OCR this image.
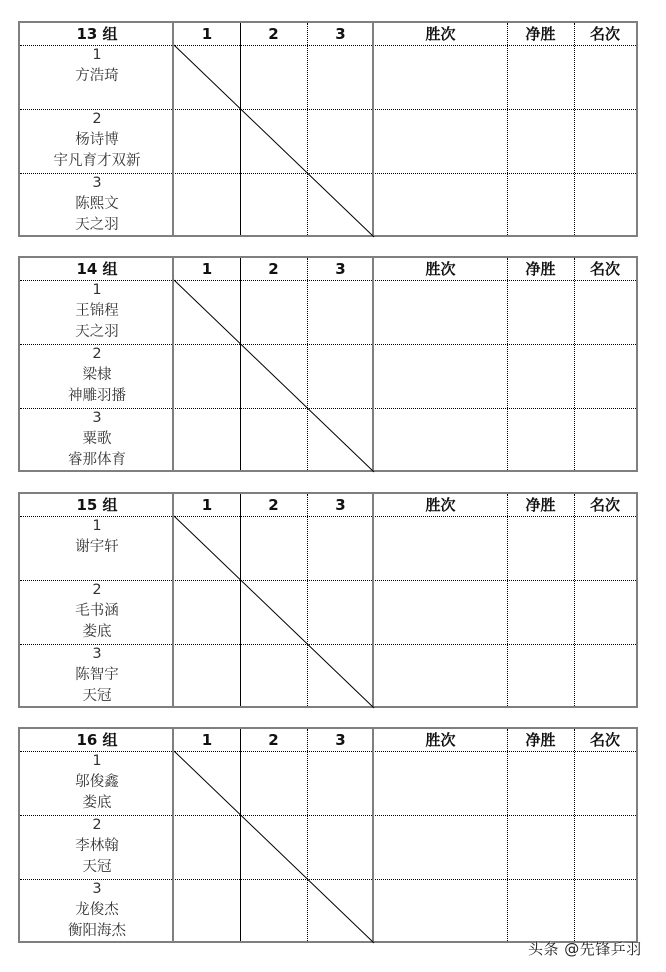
13 组	1	2	3	胜次	净胜	名次
1
方浩琦
2
杨诗博
宇凡育才双新
3
陈熙文
天之羽
14 组	1	2	3	胜次	净胜	名次
1
王锦程
天之羽
2
梁棣
神雕羽播
3
粟歌
睿那体育
15 组	1	2	3	胜次	净胜	名次
1
谢宇轩
2
毛书涵
娄底
3
陈智宇
天冠
16 组	1	2	3	胜次	净胜	名次
1
邬俊鑫
娄底
2
李林翰
天冠
3
龙俊杰
衡阳海杰
头条 @先锋乒羽
